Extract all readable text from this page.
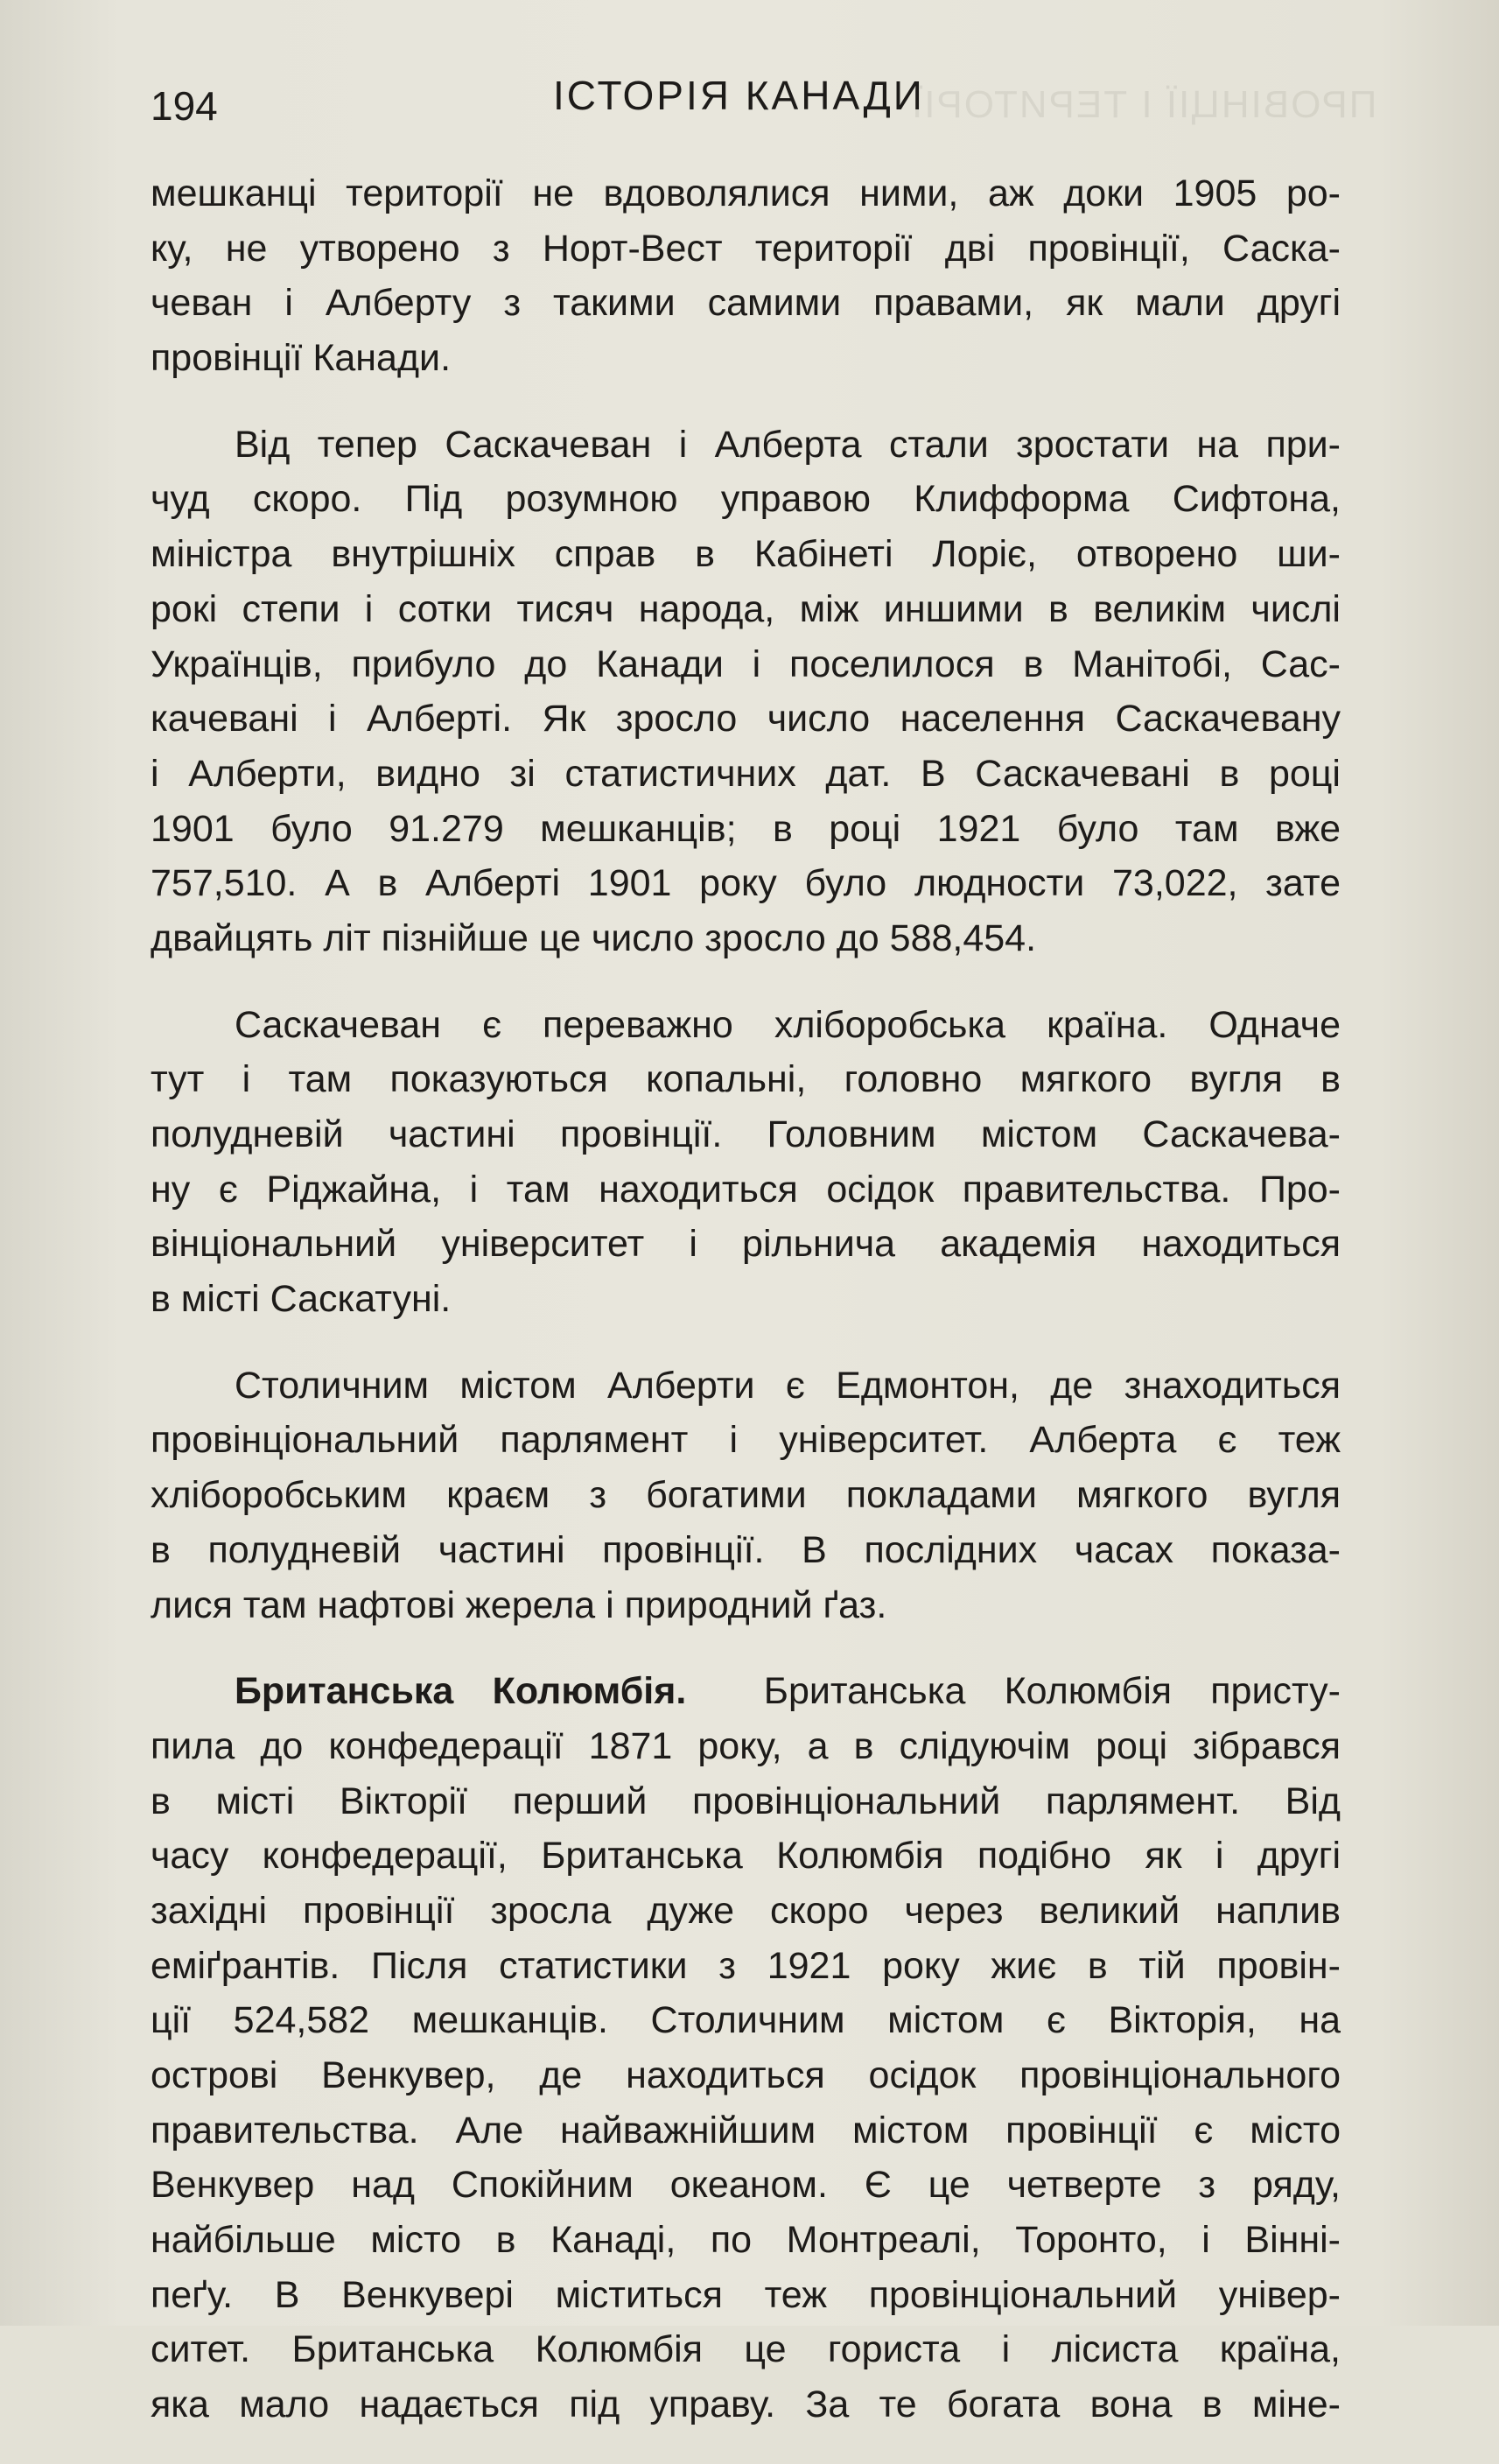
ПРОВІНЦІЇ І ТЕРИТОРІЇ
194	ІСТОРІЯ КАНАДИ
мешканці території не вдоволялися ними, аж доки 1905 ро-
ку, не утворено з Норт-Вест території дві провінції, Саска-
чеван і Алберту з такими самими правами, як мали другі
провінції Канади.
Від тепер Саскачеван і Алберта стали зростати на при-
чуд скоро. Під розумною управою Клифформа Сифтона,
міністра внутрішніх справ в Кабінеті Лоріє, отворено ши-
рокі степи і сотки тисяч народа, між иншими в великім числі
Українців, прибуло до Канади і поселилося в Манітобі, Сас-
качевані і Алберті. Як зросло число населення Саскачевану
і Алберти, видно зі статистичних дат. В Саскачевані в році
1901 було 91.279 мешканців; в році 1921 було там вже
757,510. А в Алберті 1901 року було людности 73,022, зате
двайцять літ пізнійше це число зросло до 588,454.
Саскачеван є переважно хліборобська країна. Одначе
тут і там показуються копальні, головно мягкого вугля в
полудневій частині провінції. Головним містом Саскачева-
ну є Ріджайна, і там находиться осідок правительства. Про-
вінціональний університет і рільнича академія находиться
в місті Саскатуні.
Столичним містом Алберти є Едмонтон, де знаходиться
провінціональний парлямент і університет. Алберта є теж
хліборобським краєм з богатими покладами мягкого вугля
в полудневій частині провінції. В послідних часах показа-
лися там нафтові жерела і природний ґаз.
Британська Колюмбія. Британська Колюмбія присту-
пила до конфедерації 1871 року, а в слідуючім році зібрався
в місті Вікторії перший провінціональний парлямент. Від
часу конфедерації, Британська Колюмбія подібно як і другі
західні провінції зросла дуже скоро через великий наплив
еміґрантів. Після статистики з 1921 року жиє в тій провін-
ції 524,582 мешканців. Столичним містом є Вікторія, на
острові Венкувер, де находиться осідок провінціонального
правительства. Але найважнійшим містом провінції є місто
Венкувер над Спокійним океаном. Є це четверте з ряду,
найбільше місто в Канаді, по Монтреалі, Торонто, і Вінні-
пеґу. В Венкувері міститься теж провінціональний універ-
ситет. Британська Колюмбія це гориста і лісиста країна,
яка мало надається під управу. За те богата вона в міне-
